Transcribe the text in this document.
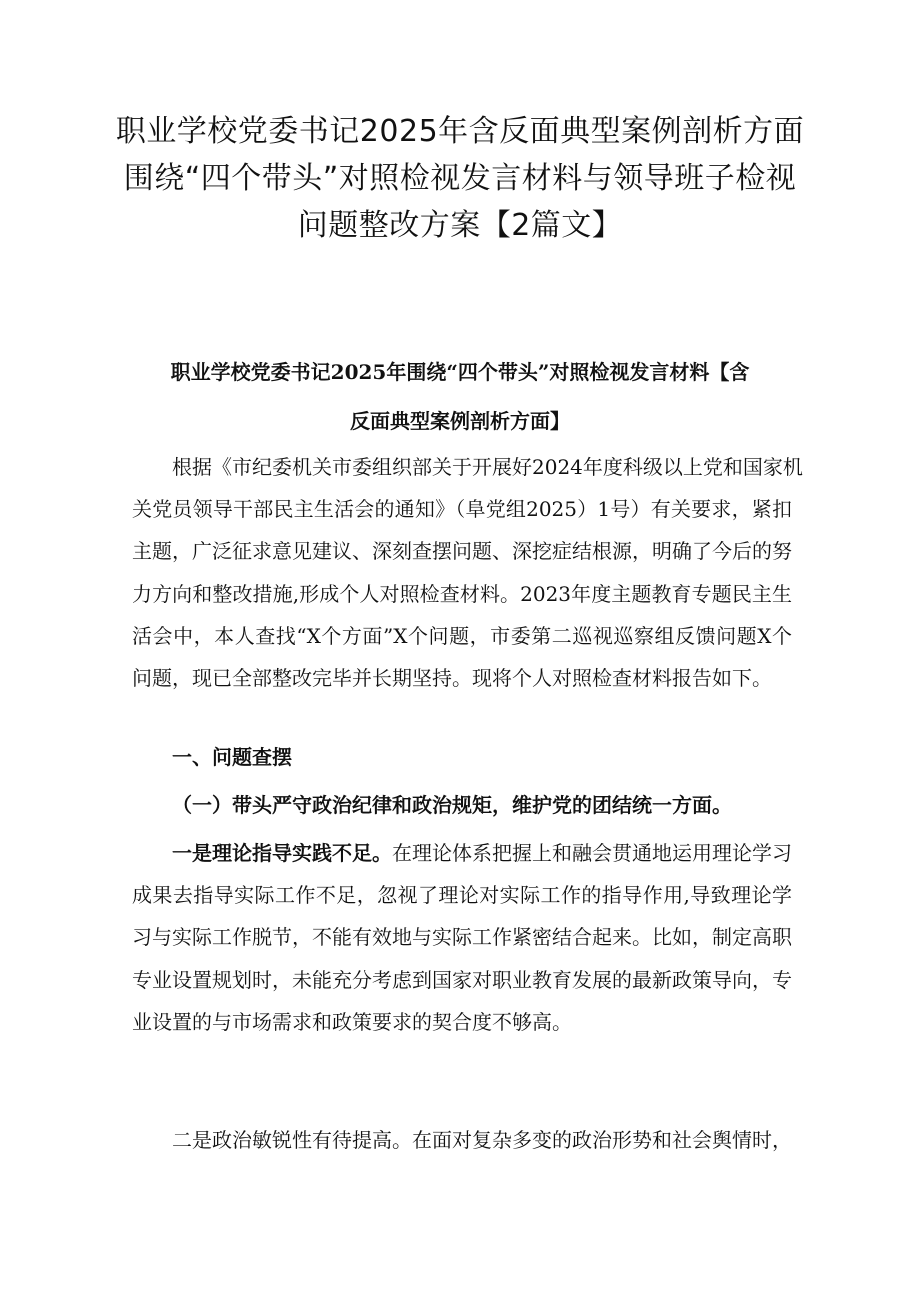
职业学校党委书记2025年含反面典型案例剖析方面
围绕“四个带头”对照检视发言材料与领导班子检视
问题整改方案【2篇文】
职业学校党委书记2025年围绕“四个带头”对照检视发言材料【含
反面典型案例剖析方面】

根据《市纪委机关市委组织部关于开展好2024年度科级以上党和国家机
关党员领导干部民主生活会的通知》（阜党组2025）1号）有关要求，紧扣
主题，广泛征求意见建议、深刻查摆问题、深挖症结根源，明确了今后的努
力方向和整改措施,形成个人对照检查材料。2023年度主题教育专题民主生
活会中，本人查找“X个方面”X个问题，市委第二巡视巡察组反馈问题X个
问题，现已全部整改完毕并长期坚持。现将个人对照检查材料报告如下。

一、问题查摆
（一）带头严守政治纪律和政治规矩，维护党的团结统一方面。

一是理论指导实践不足。在理论体系把握上和融会贯通地运用理论学习
成果去指导实际工作不足，忽视了理论对实际工作的指导作用,导致理论学
习与实际工作脱节，不能有效地与实际工作紧密结合起来。比如，制定高职
专业设置规划时，未能充分考虑到国家对职业教育发展的最新政策导向，专
业设置的与市场需求和政策要求的契合度不够高。

二是政治敏锐性有待提高。在面对复杂多变的政治形势和社会舆情时，
